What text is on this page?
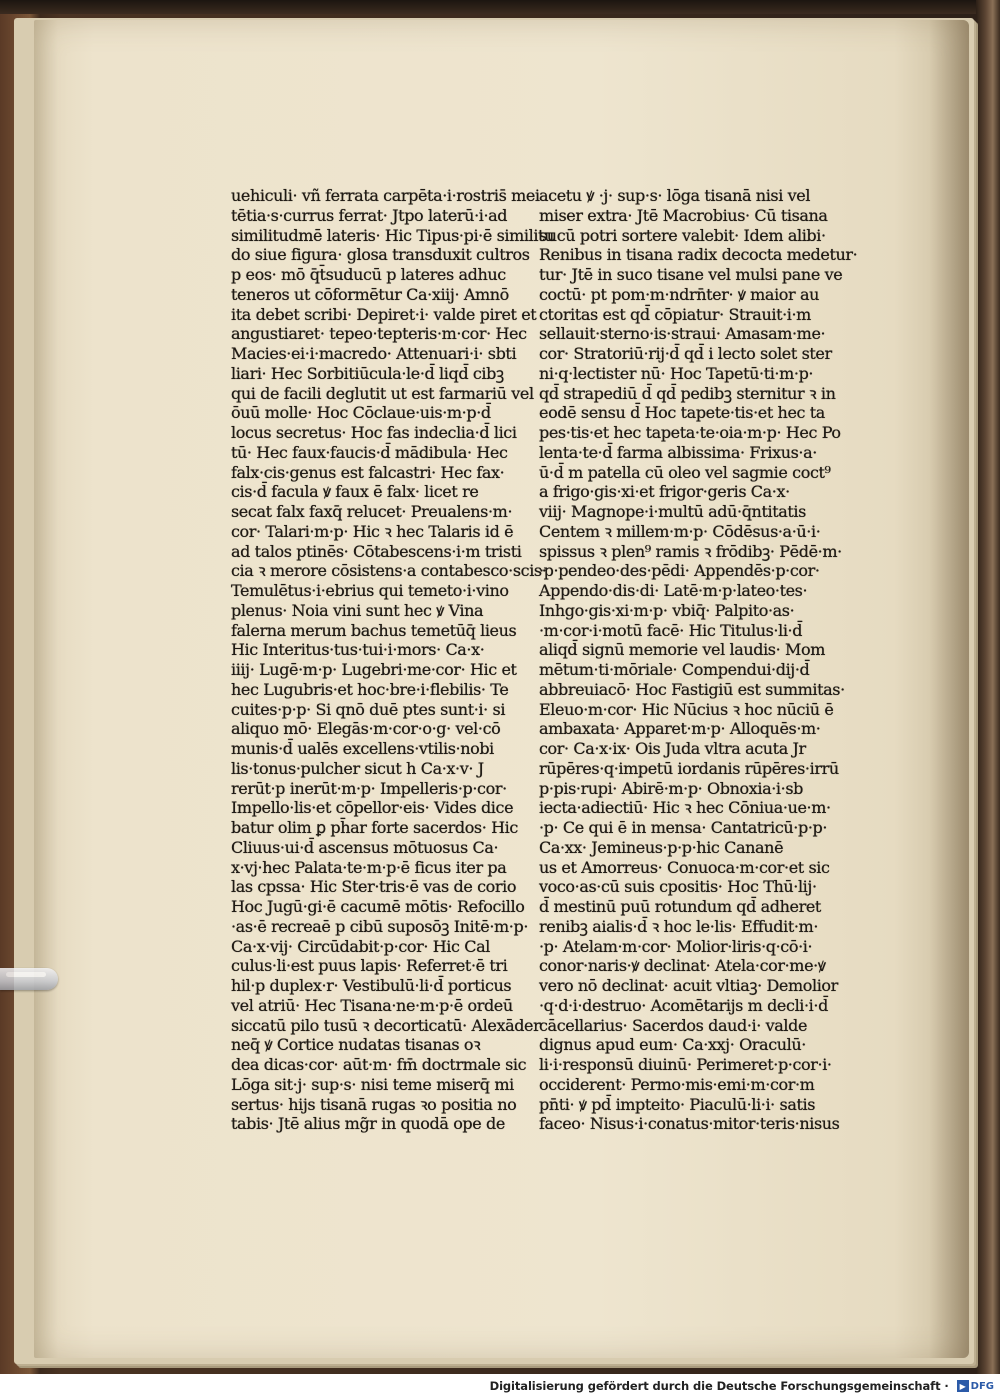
uehiculi· vñ ferrata carpēta·i·rostris̄ mei
tētia·s·currus ferrat· Jtpo laterū·i·ad
similitudmē lateris· Hic Tipus·pi·ē similitu
do siue figura· glosa transduxit cultros
p eos· mō q̄t̄suducū p lateres adhuc
teneros ut cōformētur Ca·xiij· Amnō
ita debet scribi· Depiret·i· valde piret et
angustiaret· tepeo·tepteris·m·cor· Hec
Macies·ei·i·macredo· Attenuari·i· sbti
liari· Hec Sorbitiūcula·le·d̄ liqd̄ cibꝫ
qui de facili deglutit ut est farmariū vel
ōuū molle· Hoc Cōclaue·uis·m·p·d̄
locus secretus· Hoc fas indeclia·d̄ lici
tū· Hec faux·faucis·d̄ mādibula· Hec
falx·cis·genus est falcastri· Hec fax·
cis·d̄ facula ꝟ faux ē falx· licet re
secat falx faxq̄ relucet· Preualens·m·
cor· Talari·m·p· Hic ꝛ hec Talaris id ē
ad talos ptinēs· Cōtabescens·i·m tristi
cia ꝛ merore cōsistens·a contabesco·scis·
Temulētus·i·ebrius qui temeto·i·vino
plenus· Noia vini sunt hec ꝟ Vina
falerna merum bachus temetūq̄ lieus
Hic Interitus·tus·tui·i·mors· Ca·x·
iiij· Lugē·m·p· Lugebri·me·cor· Hic et
hec Lugubris·et hoc·bre·i·flebilis· Te
cuites·p·p· Si qnō duē ptes sunt·i· si
aliquo mō· Elegās·m·cor·o·g· vel·cō
munis·d̄ ualēs excellens·vtilis·nobi
lis·tonus·pulcher sicut h Ca·x·v· J
rerūt·p inerūt·m·p· Impelleris·p·cor·
Impello·lis·et cōpellor·eis· Vides dice
batur olim ꝑ ph̄ar forte sacerdos· Hic
Cliuus·ui·d̄ ascensus mōtuosus Ca·
x·vj·hec Palata·te·m·p·ē ficus iter pa
las cpssa· Hic Ster·tris·ē vas de corio
Hoc Jugū·gi·ē cacumē mōtis· Refocillo
·as·ē recreaē p cibū suposōꝫ Initē·m·p·
Ca·x·vij· Circūdabit·p·cor· Hic Cal
culus·li·est puus lapis· Referret·ē tri
hil·p duplex·r· Vestibulū·li·d̄ porticus
vel atriū· Hec Tisana·ne·m·p·ē ordeū
siccatū pilo tusū ꝛ decorticatū· Alexāder
neq̄ ꝟ Cortice nudatas tisanas oꝛ
dea dicas·cor· aūt·m· fm̄ doctrmale sic
Lōga sit·j· sup·s· nisi teme miserq̄ mi
sertus· hijs tisanā rugas ꝛo positia no
tabis· Jtē alius mg̃r in quodā ope de
acetu ꝟ ·j· sup·s· lōga tisanā nisi vel
miser extra· Jtē Macrobius· Cū tisana
sucū potri sortere valebit· Idem alibi·
Renibus in tisana radix decocta medetur·
tur· Jtē in suco tisane vel mulsi pane ve
coctū· pt pom·m·ndrn̄ter· ꝟ maior au
ctoritas est qd̄ cōpiatur· Strauit·i·m
sellauit·sterno·is·straui· Amasam·me·
cor· Stratoriū·rij·d̄ qd̄ i lecto solet ster
ni·q·lectister nū· Hoc Tapetū·ti·m·p·
qd̄ strapediū d̄ qd̄ pedibꝫ sternitur ꝛ in
eodē sensu d̄ Hoc tapete·tis·et hec ta
pes·tis·et hec tapeta·te·oia·m·p· Hec Po
lenta·te·d̄ farma albissima· Frixus·a·
ū·d̄ m patella cū oleo vel sagmie coct⁹
a frigo·gis·xi·et frigor·geris Ca·x·
viij· Magnope·i·multū adū·q̄ntitatis
Centem ꝛ millem·m·p· Cōdēsus·a·ū·i·
spissus ꝛ plen⁹ ramis ꝛ frōdibꝫ· Pēdē·m·
·p·pendeo·des·pēdi· Appendēs·p·cor·
Appendo·dis·di· Latē·m·p·lateo·tes·
Inhgo·gis·xi·m·p· vbiq̄· Palpito·as·
·m·cor·i·motū facē· Hic Titulus·li·d̄
aliqd̄ signū memorie vel laudis· Mom
mētum·ti·mōriale· Compendui·dij·d̄
abbreuiacō· Hoc Fastigiū est summitas·
Eleuo·m·cor· Hic Nūcius ꝛ hoc nūciū ē
ambaxata· Apparet·m·p· Alloquēs·m·
cor· Ca·x·ix· Ois Juda vltra acuta Jr
rūpēres·q·impetū iordanis rūpēres·irrū
p·pis·rupi· Abirē·m·p· Obnoxia·i·sb
iecta·adiectiū· Hic ꝛ hec Cōniua·ue·m·
·p· Ce qui ē in mensa· Cantatricū·p·p·
Ca·xx· Jemineus·p·p·hic Cananē
us et Amorreus· Conuoca·m·cor·et sic
voco·as·cū suis cpositis· Hoc Thū·lij·
d̄ mestinū puū rotundum qd̄ adheret
renibꝫ aialis·d̄ ꝛ hoc le·lis· Effudit·m·
·p· Atelam·m·cor· Molior·liris·q·cō·i·
conor·naris·ꝟ declinat· Atela·cor·me·ꝟ
vero nō declinat· acuit vltiaꝫ· Demolior
·q·d·i·destruo· Acomētarijs m decli·i·d̄
cācellarius· Sacerdos daud·i· valde
dignus apud eum· Ca·xxj· Oraculū·
li·i·responsū diuinū· Perimeret·p·cor·i·
occiderent· Permo·mis·emi·m·cor·m
pn̄ti· ꝟ pd̄ impteito· Piaculū·li·i· satis
faceo· Nisus·i·conatus·mitor·teris·nisus
Digitalisierung gefördert durch die Deutsche Forschungsgemeinschaft ·	▶ DFG
